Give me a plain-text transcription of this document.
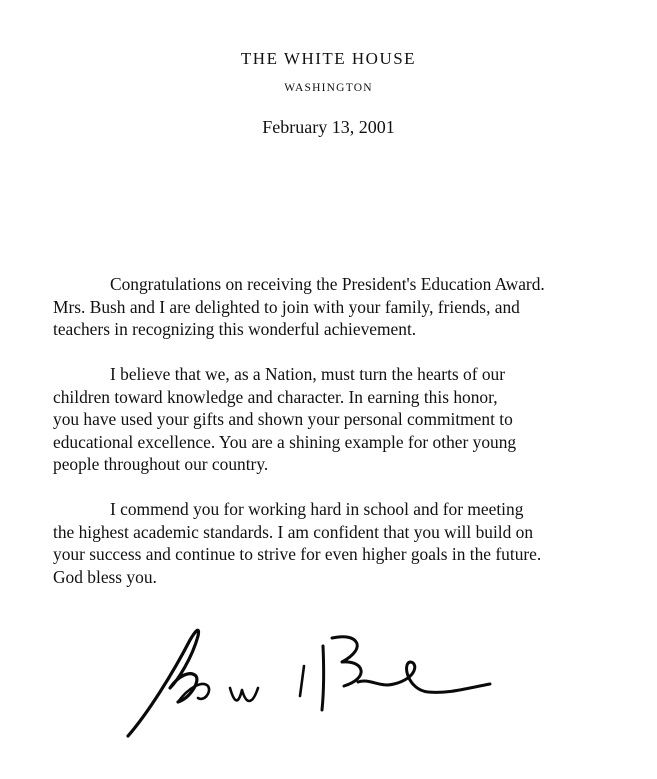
THE WHITE HOUSE
WASHINGTON
February 13, 2001

Congratulations on receiving the President's Education Award.
Mrs. Bush and I are delighted to join with your family, friends, and
teachers in recognizing this wonderful achievement.

I believe that we, as a Nation, must turn the hearts of our
children toward knowledge and character. In earning this honor,
you have used your gifts and shown your personal commitment to
educational excellence. You are a shining example for other young
people throughout our country.

I commend you for working hard in school and for meeting
the highest academic standards. I am confident that you will build on
your success and continue to strive for even higher goals in the future.
God bless you.
